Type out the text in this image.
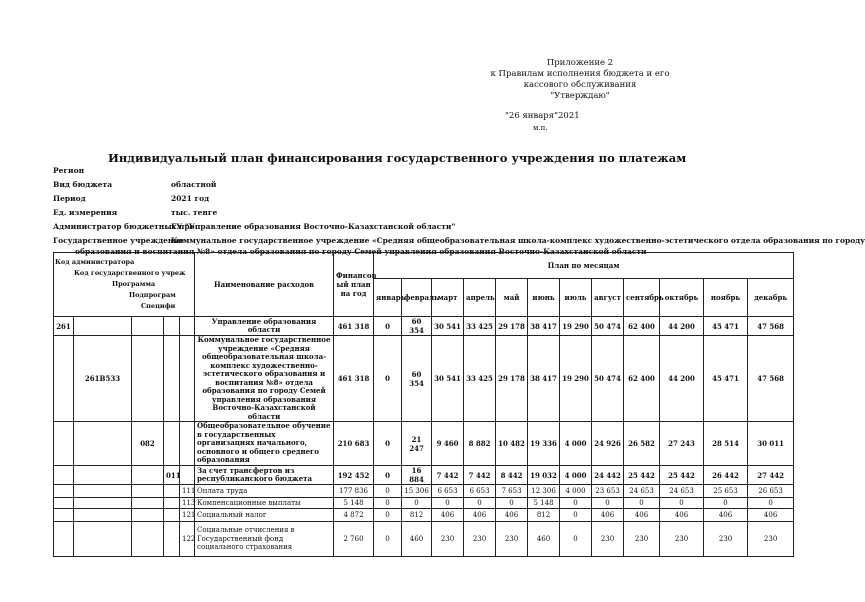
Приложение 2
к Правилам исполнения бюджета и его
кассового обслуживания
"Утверждаю"
"26 января"2021
м.п.
Индивидуальный план финансирования государственного учреждения по платежам
Регион
Вид бюджета	областной
Период	2021 год
Ед. измерения	тыс. тенге
Администратор бюджетных про
ГУ "Управление образования Восточно-Казахстанской области"
Государственное учреждение
Коммунальное государственное учреждение «Средняя общеобразовательная школа-комплекс художественно-эстетического отдела образования по городу
образования и воспитания №8» отдела образования по городу Семей управления образования Восточно-Казахстанской области
Код администратора
Код государственного учреж
Программа
Подпрограм
Специфи					Наименование расходов	Финансов ый план на год	План по месяцам											
							январь	февраль	март	апрель	май	июнь	июль	август	сентябрь	октябрь	ноябрь	декабрь
261					Управление образования области	461 318	0	60 354	30 541	33 425	29 178	38 417	19 290	50 474	62 400	44 200	45 471	47 568
	261B533				Коммунальное государственное учреждение «Средняя общеобразовательная школа-комплекс художественно-эстетического образования и воспитания №8» отдела образования по городу Семей управления образования Восточно-Казахстанской области	461 318	0	60 354	30 541	33 425	29 178	38 417	19 290	50 474	62 400	44 200	45 471	47 568
		082			Общеобразовательное обучение в государственных организациях начального, основного и общего среднего образования	210 683	0	21 247	9 460	8 882	10 482	19 336	4 000	24 926	26 582	27 243	28 514	30 011
			011		За счет трансфертов из республиканского бюджета	192 452	0	16 884	7 442	7 442	8 442	19 032	4 000	24 442	25 442	25 442	26 442	27 442
				111	Оплата труда	177 836	0	15 306	6 653	6 653	7 653	12 306	4 000	23 653	24 653	24 653	25 653	26 653
				113	Компенсационные выплаты	5 148	0	0	0	0	0	5 148	0	0	0	0	0	0
				121	Социальный налог	4 872	0	812	406	406	406	812	0	406	406	406	406	406
				122	Социальные отчисления в Государственный фонд социального страхования	2 760	0	460	230	230	230	460	0	230	230	230	230	230
